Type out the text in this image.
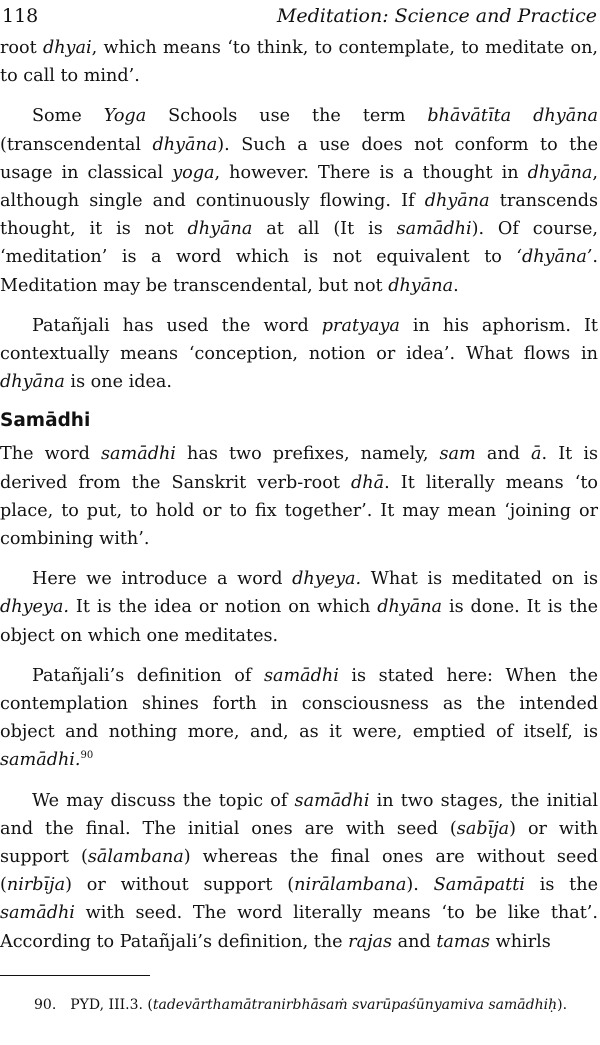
118	Meditation: Science and Practice

root dhyai, which means ‘to think, to contemplate, to meditate on, to call to mind’.

Some Yoga Schools use the term bhāvātīta dhyāna (transcendental dhyāna). Such a use does not conform to the usage in classical yoga, however. There is a thought in dhyāna, although single and continuously flowing. If dhyāna transcends thought, it is not dhyāna at all (It is samādhi). Of course, ‘meditation’ is a word which is not equivalent to ‘dhyāna’. Meditation may be transcendental, but not dhyāna.

Patañjali has used the word pratyaya in his aphorism. It contextually means ‘conception, notion or idea’. What flows in dhyāna is one idea.

Samādhi

The word samādhi has two prefixes, namely, sam and ā. It is derived from the Sanskrit verb-root dhā. It literally means ‘to place, to put, to hold or to fix together’. It may mean ‘joining or combining with’.

Here we introduce a word dhyeya. What is meditated on is dhyeya. It is the idea or notion on which dhyāna is done. It is the object on which one meditates.

Patañjali’s definition of samādhi is stated here: When the contemplation shines forth in consciousness as the intended object and nothing more, and, as it were, emptied of itself, is samādhi.$^{90}$

We may discuss the topic of samādhi in two stages, the initial and the final. The initial ones are with seed (sabīja) or with support (sālambana) whereas the final ones are without seed (nirbīja) or without support (nirālambana). Samāpatti is the samādhi with seed. The word literally means ‘to be like that’. According to Patañjali’s definition, the rajas and tamas whirls

90. PYD, III.3. (tadevārthamātranirbhāsaṁ svarūpaśūnyamiva samādhiḥ).
